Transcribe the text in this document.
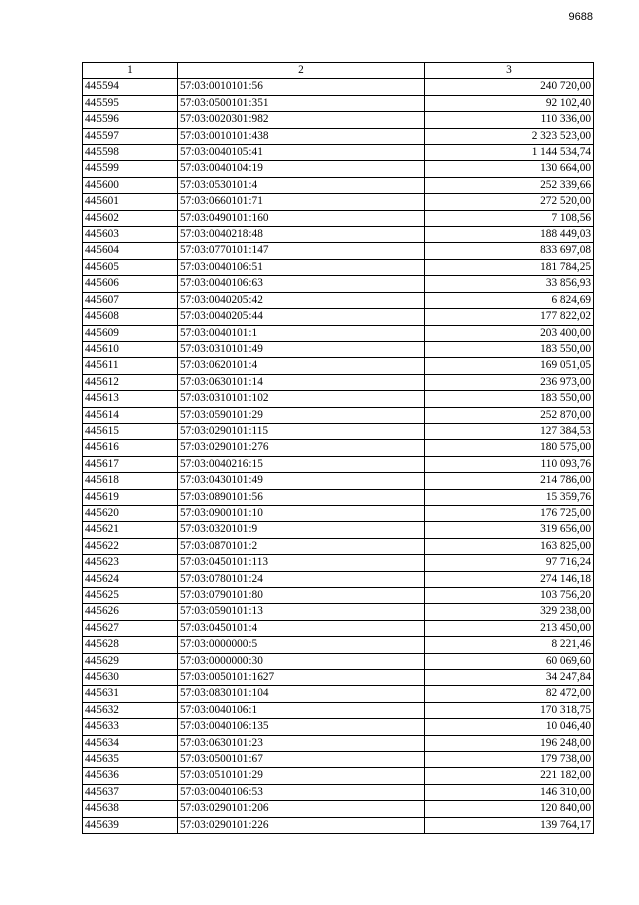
9688
1	2	3
445594	57:03:0010101:56	240 720,00
445595	57:03:0500101:351	92 102,40
445596	57:03:0020301:982	110 336,00
445597	57:03:0010101:438	2 323 523,00
445598	57:03:0040105:41	1 144 534,74
445599	57:03:0040104:19	130 664,00
445600	57:03:0530101:4	252 339,66
445601	57:03:0660101:71	272 520,00
445602	57:03:0490101:160	7 108,56
445603	57:03:0040218:48	188 449,03
445604	57:03:0770101:147	833 697,08
445605	57:03:0040106:51	181 784,25
445606	57:03:0040106:63	33 856,93
445607	57:03:0040205:42	6 824,69
445608	57:03:0040205:44	177 822,02
445609	57:03:0040101:1	203 400,00
445610	57:03:0310101:49	183 550,00
445611	57:03:0620101:4	169 051,05
445612	57:03:0630101:14	236 973,00
445613	57:03:0310101:102	183 550,00
445614	57:03:0590101:29	252 870,00
445615	57:03:0290101:115	127 384,53
445616	57:03:0290101:276	180 575,00
445617	57:03:0040216:15	110 093,76
445618	57:03:0430101:49	214 786,00
445619	57:03:0890101:56	15 359,76
445620	57:03:0900101:10	176 725,00
445621	57:03:0320101:9	319 656,00
445622	57:03:0870101:2	163 825,00
445623	57:03:0450101:113	97 716,24
445624	57:03:0780101:24	274 146,18
445625	57:03:0790101:80	103 756,20
445626	57:03:0590101:13	329 238,00
445627	57:03:0450101:4	213 450,00
445628	57:03:0000000:5	8 221,46
445629	57:03:0000000:30	60 069,60
445630	57:03:0050101:1627	34 247,84
445631	57:03:0830101:104	82 472,00
445632	57:03:0040106:1	170 318,75
445633	57:03:0040106:135	10 046,40
445634	57:03:0630101:23	196 248,00
445635	57:03:0500101:67	179 738,00
445636	57:03:0510101:29	221 182,00
445637	57:03:0040106:53	146 310,00
445638	57:03:0290101:206	120 840,00
445639	57:03:0290101:226	139 764,17
